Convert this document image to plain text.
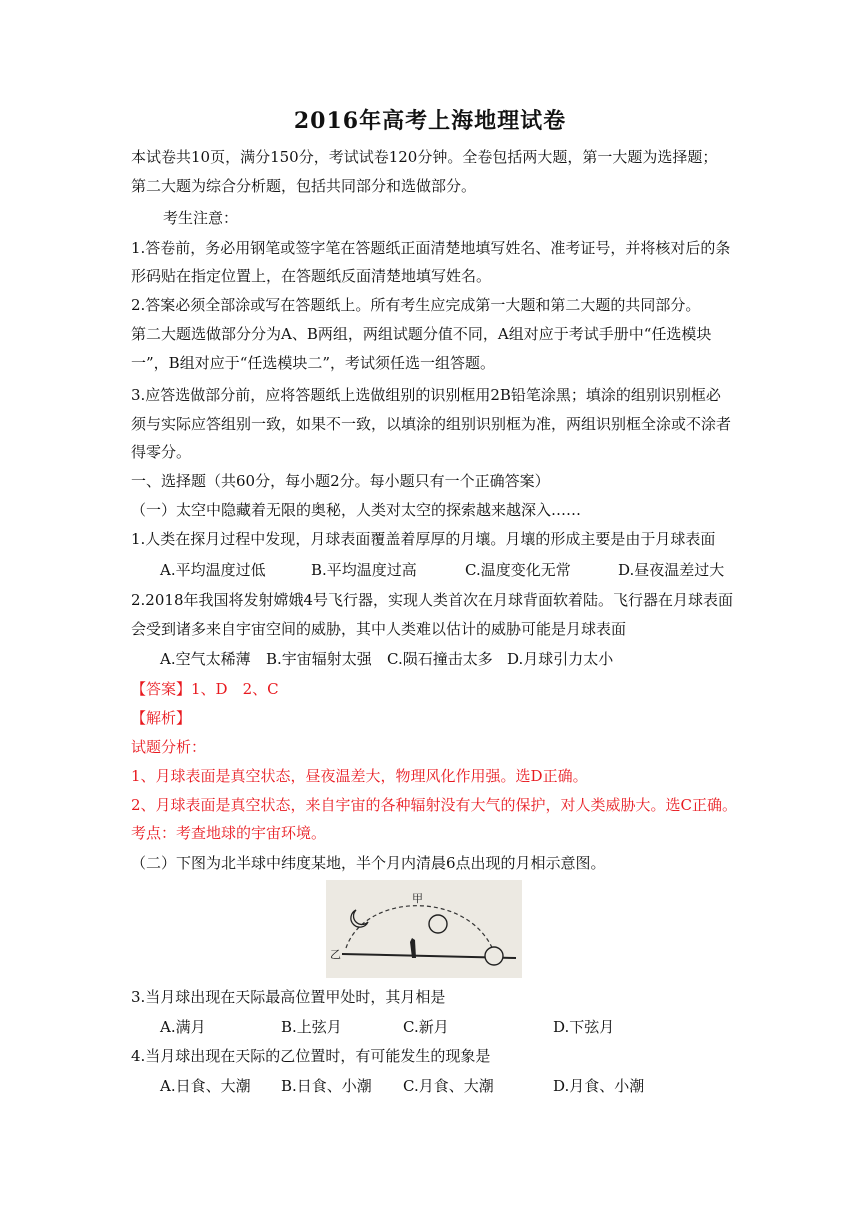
2016年高考上海地理试卷
本试卷共10页，满分150分，考试试卷120分钟。全卷包括两大题，第一大题为选择题；
第二大题为综合分析题，包括共同部分和选做部分。
考生注意：
1.答卷前，务必用钢笔或签字笔在答题纸正面清楚地填写姓名、准考证号，并将核对后的条
形码贴在指定位置上，在答题纸反面清楚地填写姓名。
2.答案必须全部涂或写在答题纸上。所有考生应完成第一大题和第二大题的共同部分。
第二大题选做部分分为A、B两组，两组试题分值不同，A组对应于考试手册中“任选模块
一”，B组对应于“任选模块二”，考试须任选一组答题。
3.应答选做部分前，应将答题纸上选做组别的识别框用2B铅笔涂黑；填涂的组别识别框必
须与实际应答组别一致，如果不一致，以填涂的组别识别框为准，两组识别框全涂或不涂者
得零分。
一、选择题（共60分，每小题2分。每小题只有一个正确答案）
（一）太空中隐藏着无限的奥秘，人类对太空的探索越来越深入……
1.人类在探月过程中发现，月球表面覆盖着厚厚的月壤。月壤的形成主要是由于月球表面
A.平均温度过低	B.平均温度过高	C.温度变化无常	D.昼夜温差过大
2.2018年我国将发射嫦娥4号飞行器，实现人类首次在月球背面软着陆。飞行器在月球表面
会受到诸多来自宇宙空间的威胁，其中人类难以估计的威胁可能是月球表面
A.空气太稀薄 B.宇宙辐射太强 C.陨石撞击太多 D.月球引力太小
【答案】1、D　2、C
【解析】
试题分析：
1、月球表面是真空状态，昼夜温差大，物理风化作用强。选D正确。
2、月球表面是真空状态，来自宇宙的各种辐射没有大气的保护，对人类威胁大。选C正确。
考点：考查地球的宇宙环境。
（二）下图为北半球中纬度某地，半个月内清晨6点出现的月相示意图。
甲
乙
3.当月球出现在天际最高位置甲处时，其月相是
A.满月	B.上弦月	C.新月	D.下弦月
4.当月球出现在天际的乙位置时，有可能发生的现象是
A.日食、大潮 B.日食、小潮 C.月食、大潮	D.月食、小潮
